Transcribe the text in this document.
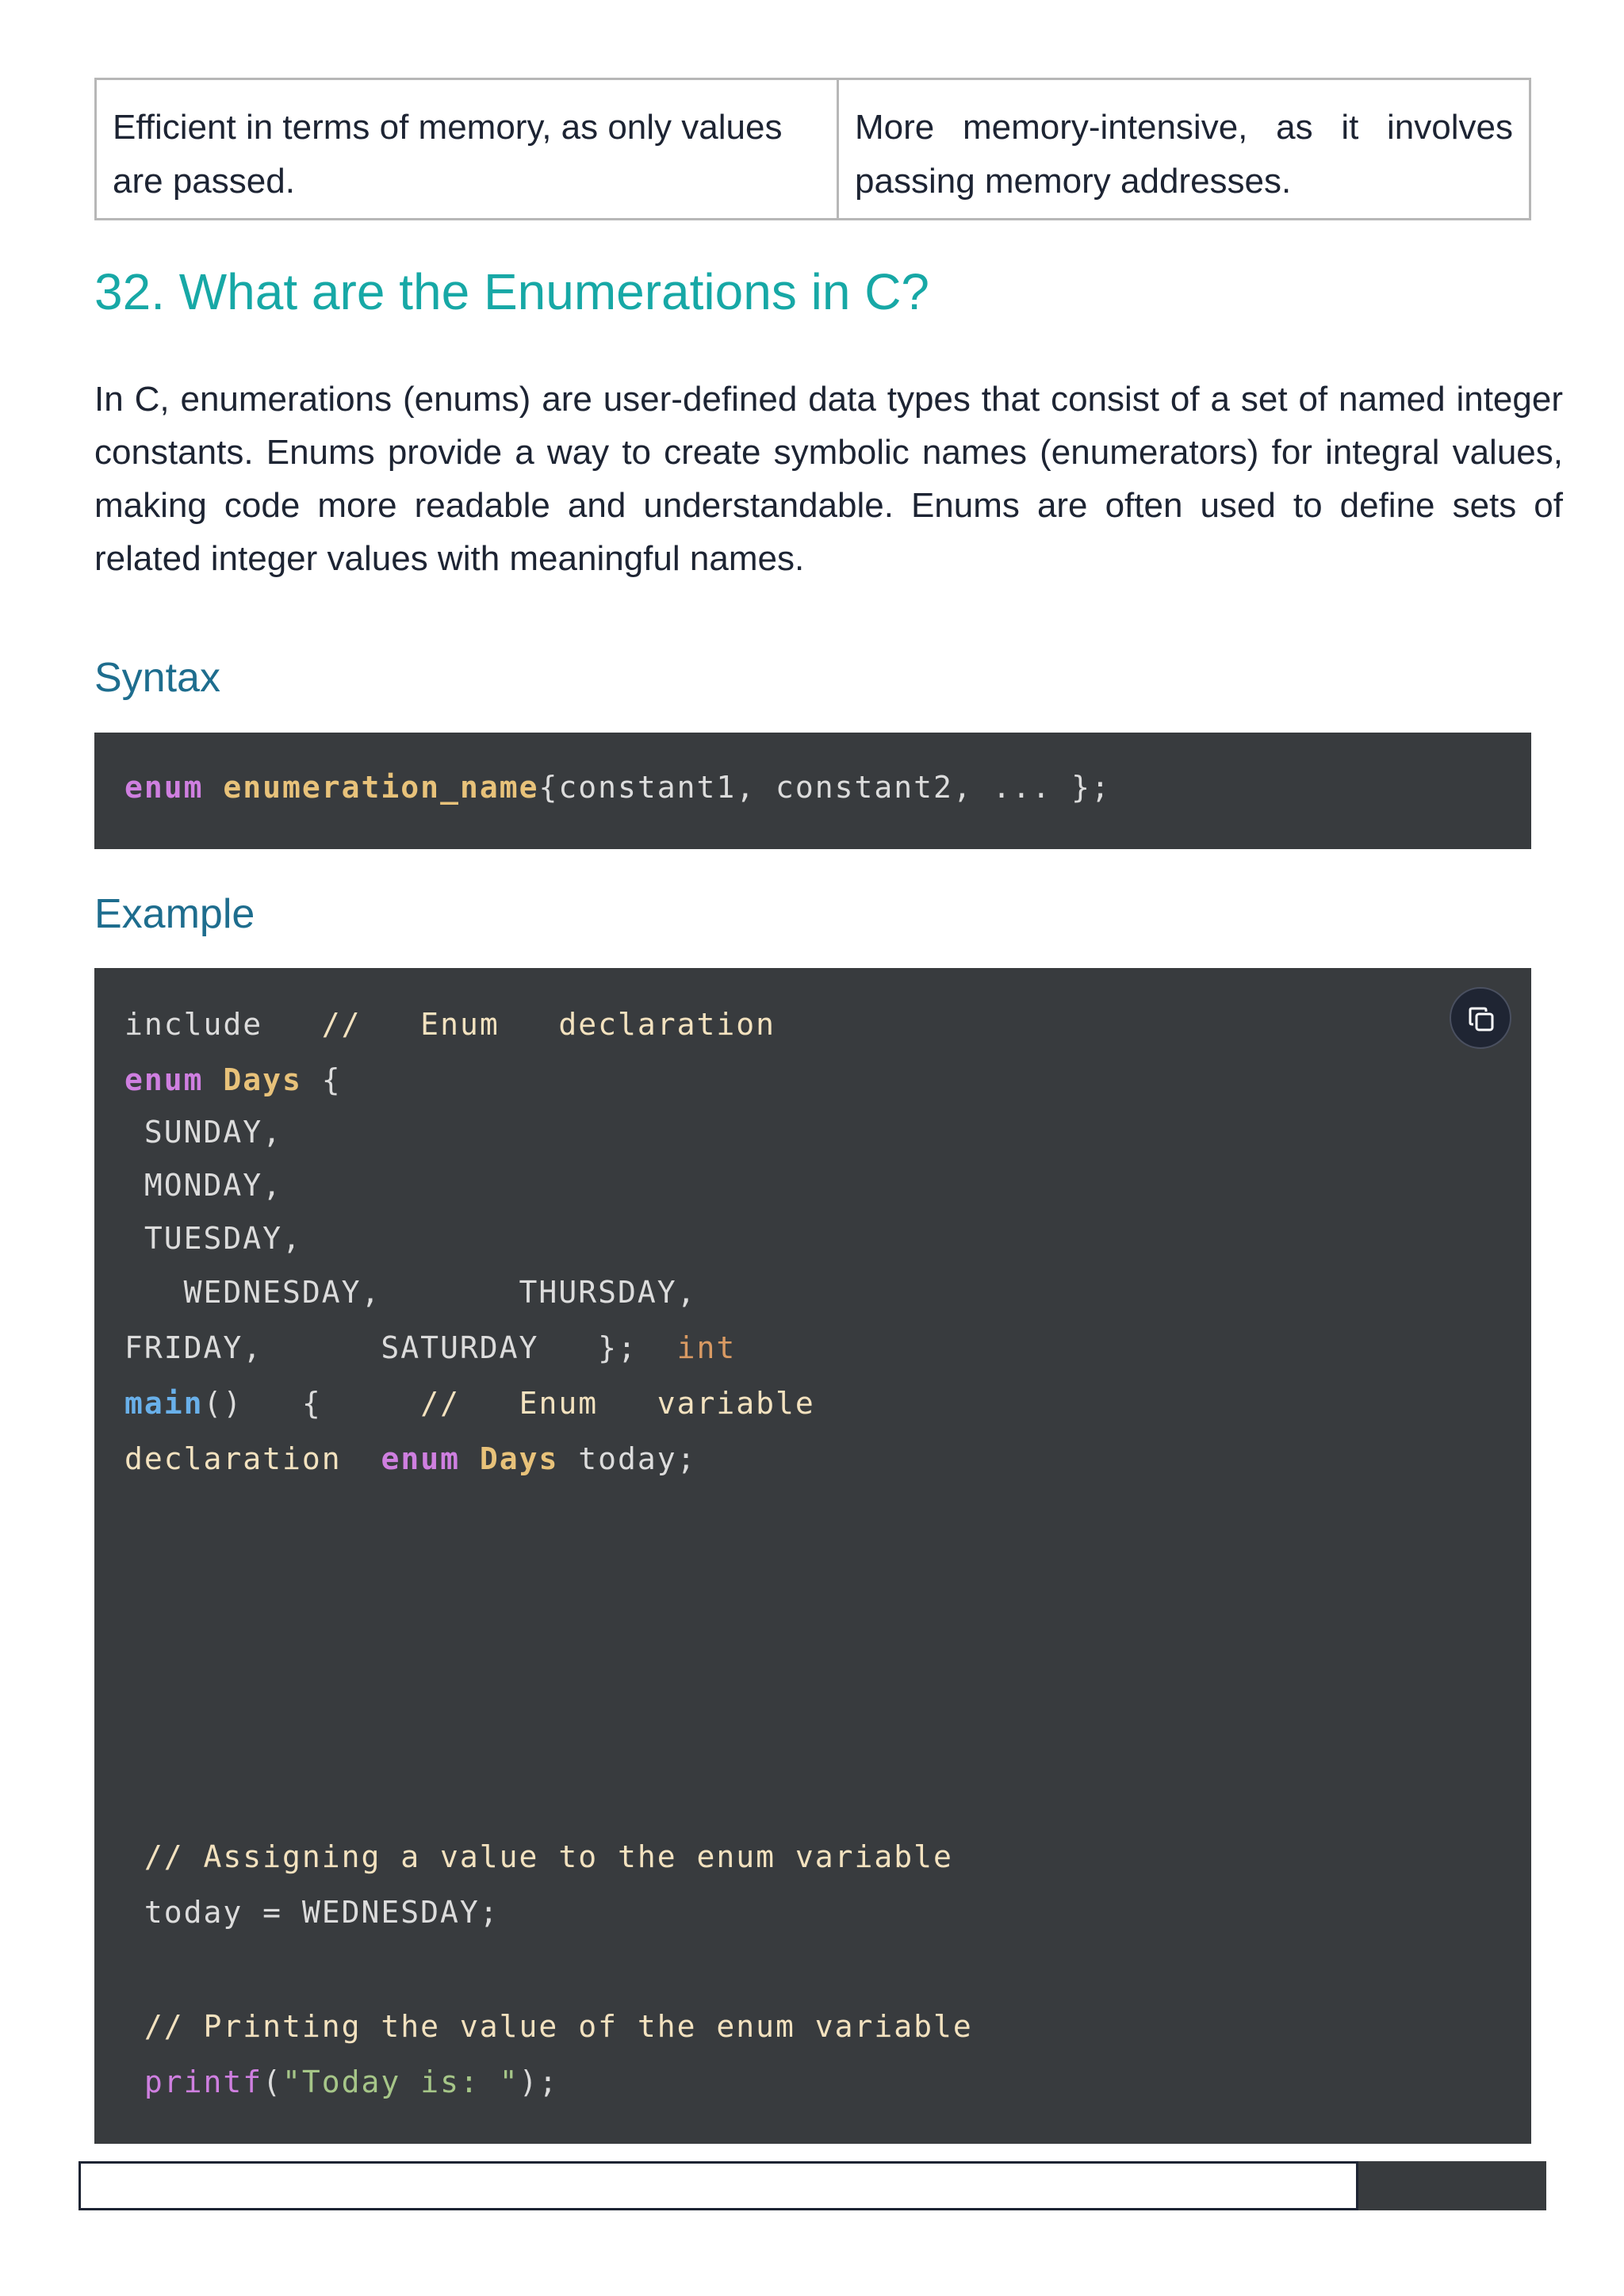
Efficient in terms of memory, as only values are passed.	More memory-intensive, as it involves passing memory addresses.
32. What are the Enumerations in C?

In C, enumerations (enums) are user-defined data types that consist of a set of named integer constants. Enums provide a way to create symbolic names (enumerators) for integral values, making code more readable and understandable. Enums are often used to define sets of related integer values with meaningful names.

Syntax
enum enumeration_name{constant1, constant2, ... };
Example
include //   Enum   declaration
enum Days {
SUNDAY,
MONDAY,
TUESDAY,
WEDNESDAY,       THURSDAY,
FRIDAY,      SATURDAY   };  int
main()   {     //   Enum   variable
declaration enum Days today;
// Assigning a value to the enum variable
today = WEDNESDAY;
// Printing the value of the enum variable
printf("Today is: ");
